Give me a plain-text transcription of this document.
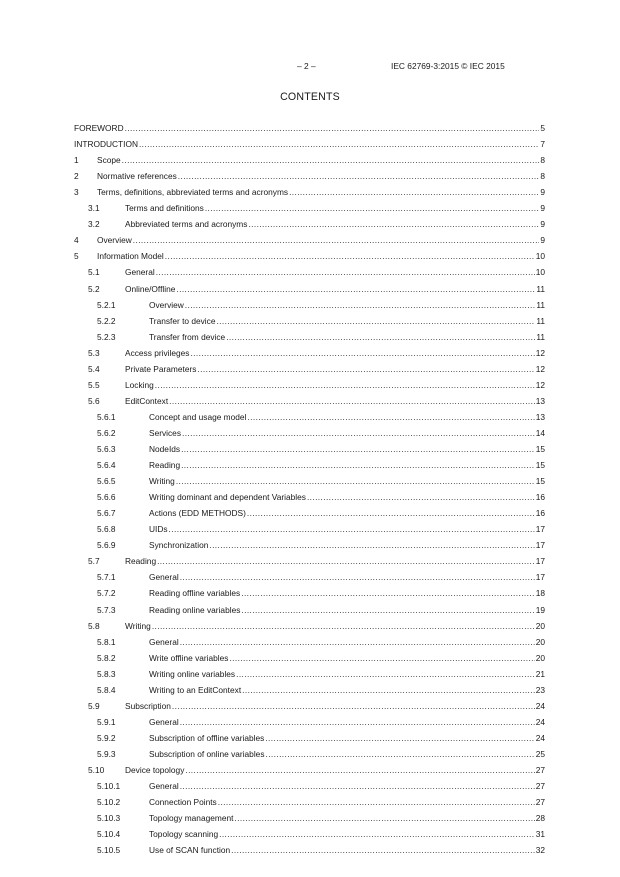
– 2 –	IEC 62769-3:2015 © IEC 2015
CONTENTS
FOREWORD .....	5
INTRODUCTION .....	7
1 Scope .....	8
2 Normative references .....	8
3 Terms, definitions, abbreviated terms and acronyms .....	9
3.1	Terms and definitions .....	9
3.2	Abbreviated terms and acronyms .....	9
4 Overview .....	9
5 Information Model .....	10
5.1	General .....	10
5.2	Online/Offline .....	11
5.2.1	Overview .....	11
5.2.2	Transfer to device .....	11
5.2.3	Transfer from device .....	11
5.3	Access privileges .....	12
5.4	Private Parameters .....	12
5.5	Locking .....	12
5.6	EditContext .....	13
5.6.1	Concept and usage model .....	13
5.6.2	Services .....	14
5.6.3	NodeIds .....	15
5.6.4	Reading .....	15
5.6.5	Writing .....	15
5.6.6	Writing dominant and dependent Variables .....	16
5.6.7	Actions (EDD METHODS) .....	16
5.6.8	UIDs .....	17
5.6.9	Synchronization .....	17
5.7	Reading .....	17
5.7.1	General .....	17
5.7.2	Reading offline variables .....	18
5.7.3	Reading online variables .....	19
5.8	Writing .....	20
5.8.1	General .....	20
5.8.2	Write offline variables .....	20
5.8.3	Writing online variables .....	21
5.8.4	Writing to an EditContext .....	23
5.9	Subscription .....	24
5.9.1	General .....	24
5.9.2	Subscription of offline variables .....	24
5.9.3	Subscription of online variables .....	25
5.10 Device topology .....	27
5.10.1	General .....	27
5.10.2	Connection Points .....	27
5.10.3	Topology management .....	28
5.10.4	Topology scanning .....	31
5.10.5	Use of SCAN function .....	32
